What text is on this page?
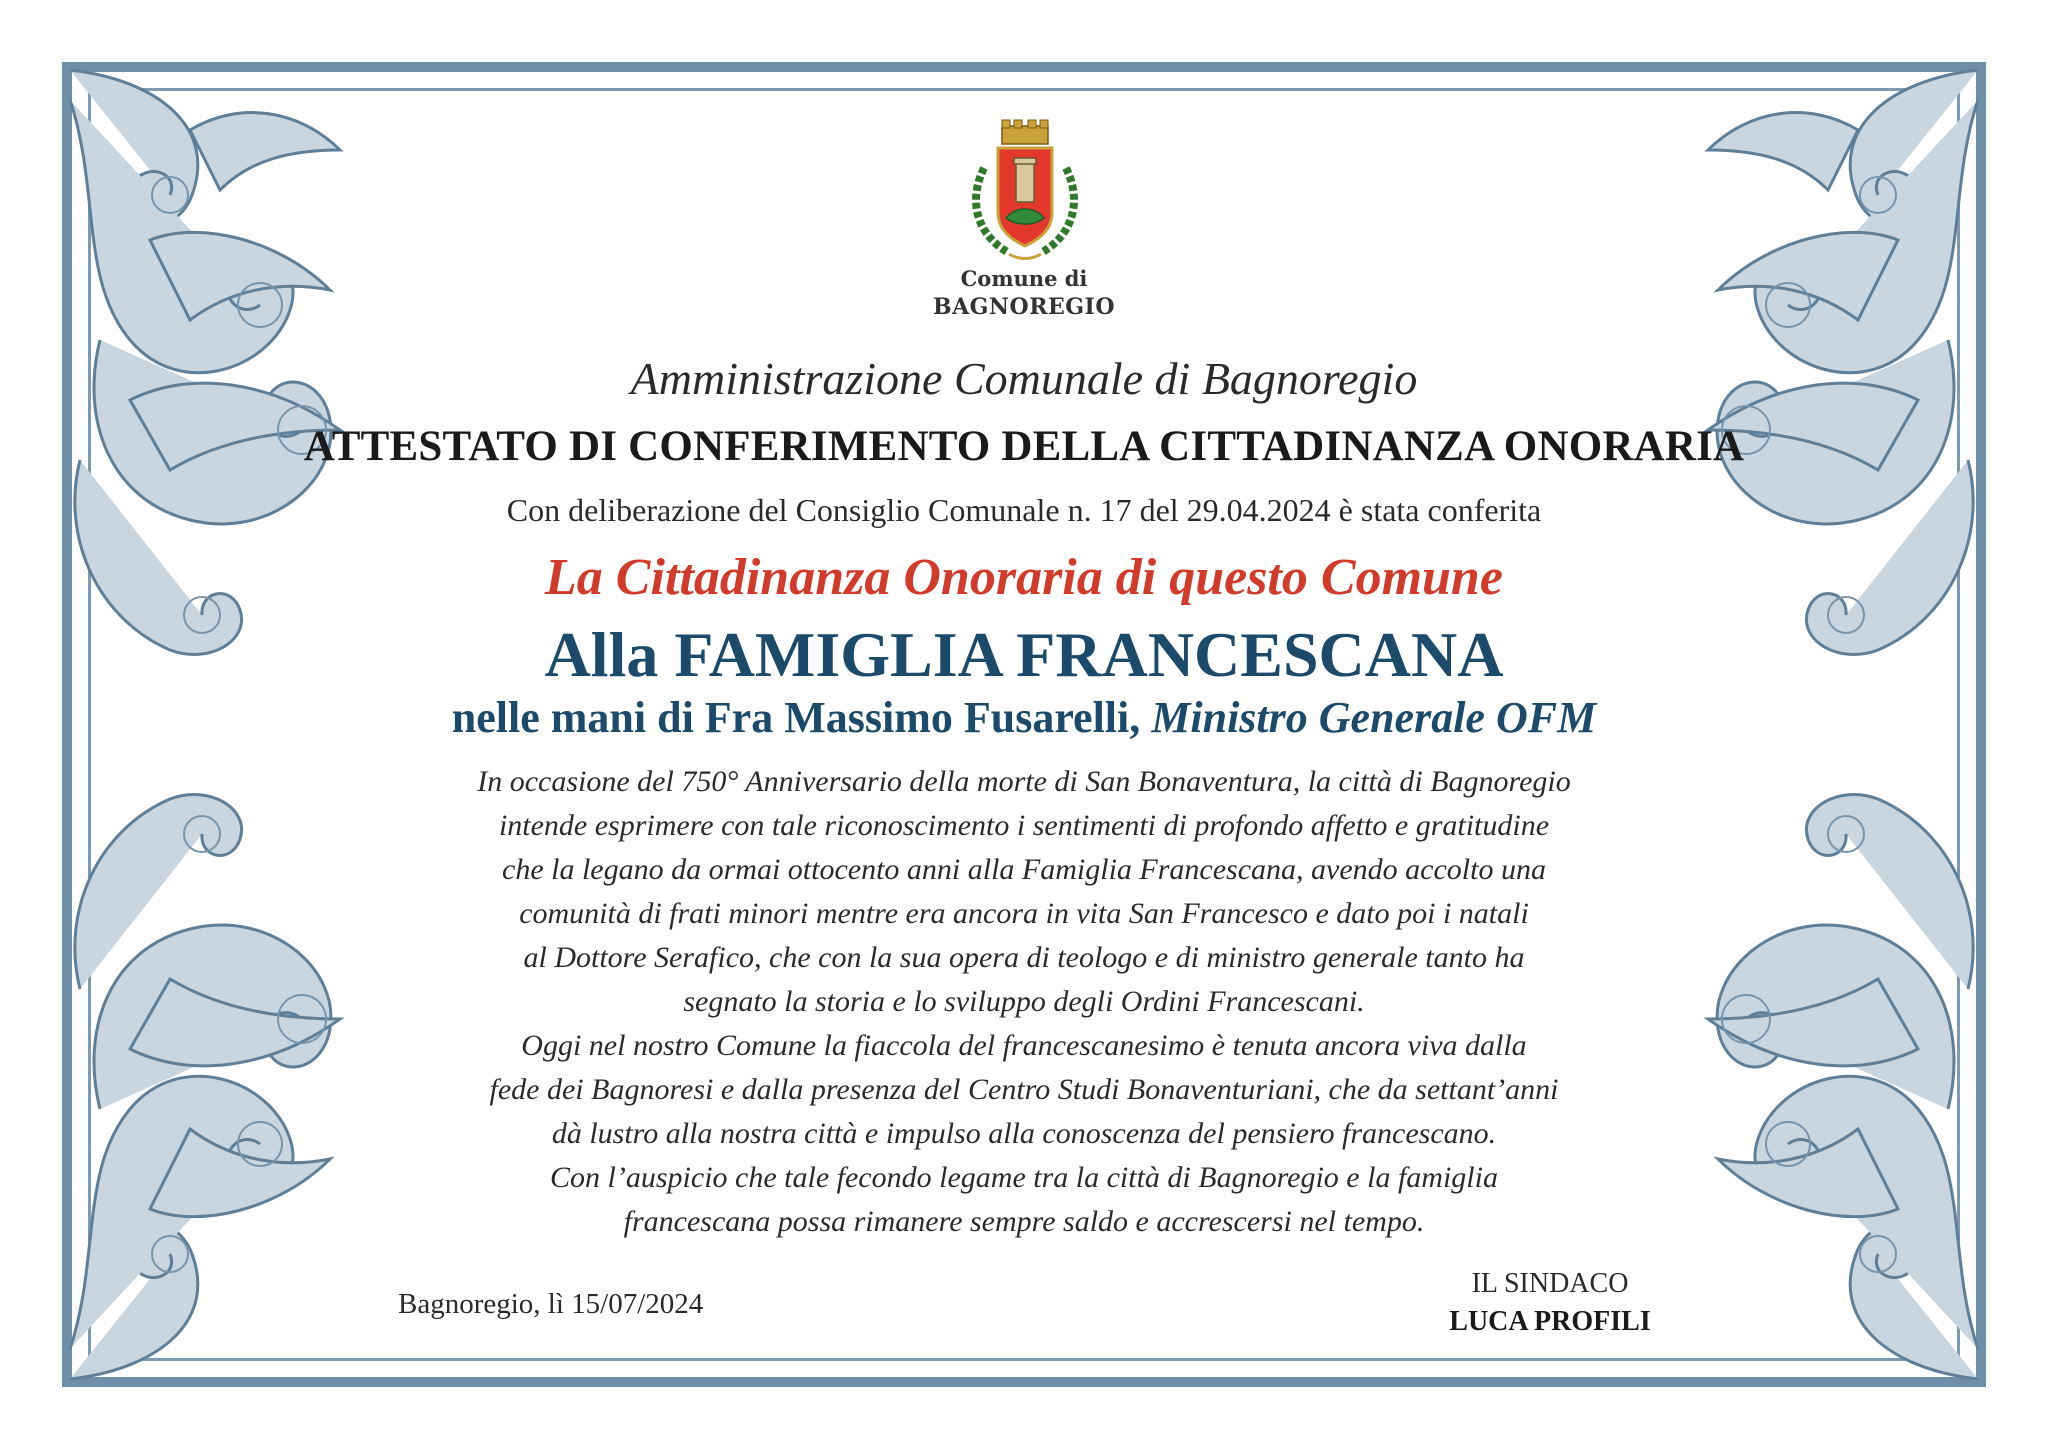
Comune di
BAGNOREGIO
Amministrazione Comunale di Bagnoregio
ATTESTATO DI CONFERIMENTO DELLA CITTADINANZA ONORARIA
Con deliberazione del Consiglio Comunale n. 17 del 29.04.2024 è stata conferita
La Cittadinanza Onoraria di questo Comune
Alla FAMIGLIA FRANCESCANA
nelle mani di Fra Massimo Fusarelli, Ministro Generale OFM
In occasione del 750° Anniversario della morte di San Bonaventura, la città di Bagnoregio
intende esprimere con tale riconoscimento i sentimenti di profondo affetto e gratitudine
che la legano da ormai ottocento anni alla Famiglia Francescana, avendo accolto una
comunità di frati minori mentre era ancora in vita San Francesco e dato poi i natali
al Dottore Serafico, che con la sua opera di teologo e di ministro generale tanto ha
segnato la storia e lo sviluppo degli Ordini Francescani.
Oggi nel nostro Comune la fiaccola del francescanesimo è tenuta ancora viva dalla
fede dei Bagnoresi e dalla presenza del Centro Studi Bonaventuriani, che da settant’anni
dà lustro alla nostra città e impulso alla conoscenza del pensiero francescano.
Con l’auspicio che tale fecondo legame tra la città di Bagnoregio e la famiglia
francescana possa rimanere sempre saldo e accrescersi nel tempo.
Bagnoregio, lì 15/07/2024
IL SINDACO
LUCA PROFILI
